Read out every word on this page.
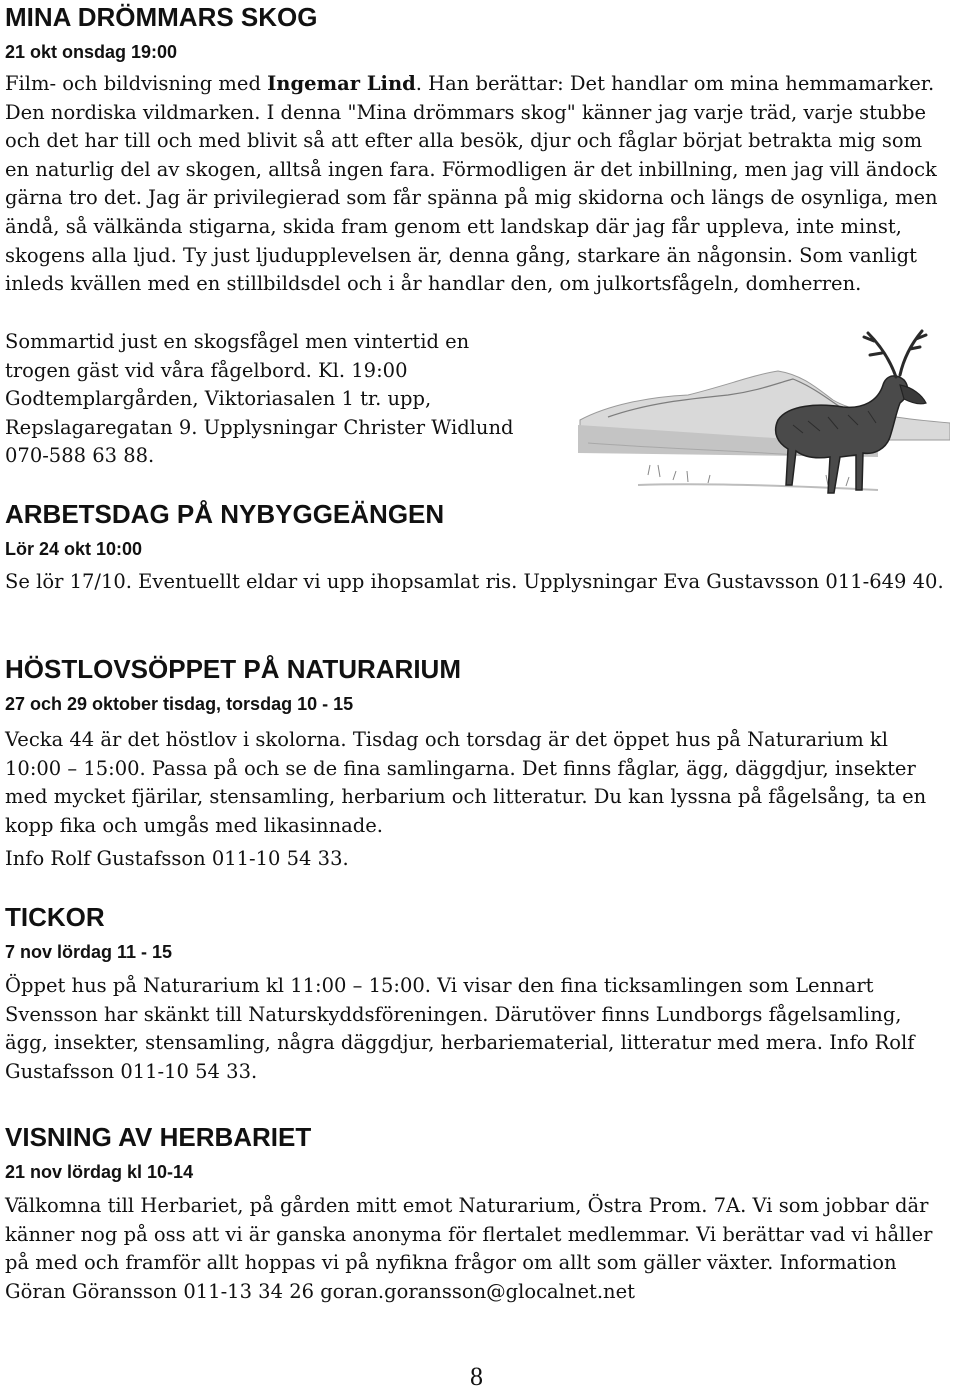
MINA DRÖMMARS SKOG
21 okt onsdag 19:00

Film- och bildvisning med Ingemar Lind. Han berättar: Det handlar om mina hemmamarker. Den nordiska vildmarken. I denna "Mina drömmars skog" känner jag varje träd, varje stubbe och det har till och med blivit så att efter alla besök, djur och fåglar börjat betrakta mig som en naturlig del av skogen, alltså ingen fara. Förmodligen är det inbillning, men jag vill ändock gärna tro det. Jag är privilegierad som får spänna på mig skidorna och längs de osynliga, men ändå, så välkända stigarna, skida fram genom ett landskap där jag får uppleva, inte minst, skogens alla ljud. Ty just ljudupplevelsen är, denna gång, starkare än någonsin. Som vanligt inleds kvällen med en stillbildsdel och i år handlar den, om julkortsfågeln, domherren.

Sommartid just en skogsfågel men vintertid en trogen gäst vid våra fågelbord. Kl. 19:00 Godtemplargården, Viktoriasalen 1 tr. upp, Repslagaregatan 9. Upplysningar Christer Widlund 070-588 63 88.

ARBETSDAG PÅ NYBYGGEÄNGEN
Lör 24 okt 10:00

Se lör 17/10. Eventuellt eldar vi upp ihopsamlat ris. Upplysningar Eva Gustavsson 011-649 40.

HÖSTLOVSÖPPET PÅ NATURARIUM
27 och 29 oktober tisdag, torsdag 10 - 15

Vecka 44 är det höstlov i skolorna. Tisdag och torsdag är det öppet hus på Naturarium kl 10:00 – 15:00. Passa på och se de fina samlingarna. Det finns fåglar, ägg, däggdjur, insekter med mycket fjärilar, stensamling, herbarium och litteratur. Du kan lyssna på fågelsång, ta en kopp fika och umgås med likasinnade.

Info Rolf Gustafsson 011-10 54 33.

TICKOR
7 nov lördag 11 - 15

Öppet hus på Naturarium kl 11:00 – 15:00. Vi visar den fina ticksamlingen som Lennart Svensson har skänkt till Naturskyddsföreningen. Därutöver finns Lundborgs fågelsamling, ägg, insekter, stensamling, några däggdjur, herbariematerial, litteratur med mera. Info Rolf Gustafsson 011-10 54 33.

VISNING AV HERBARIET
21 nov lördag kl 10-14

Välkomna till Herbariet, på gården mitt emot Naturarium, Östra Prom. 7A. Vi som jobbar där känner nog på oss att vi är ganska anonyma för flertalet medlemmar. Vi berättar vad vi håller på med och framför allt hoppas vi på nyfikna frågor om allt som gäller växter. Information Göran Göransson 011-13 34 26 goran.goransson@glocalnet.net

8
